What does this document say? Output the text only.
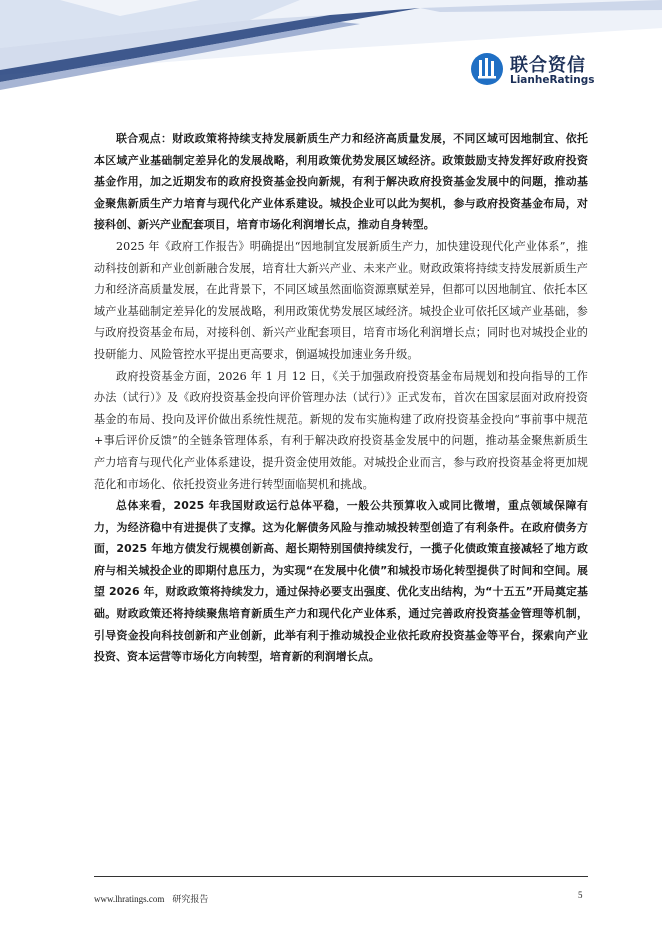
联合资信
LianheRatings

联合观点：财政政策将持续支持发展新质生产力和经济高质量发展，不同区域可因地制宜、依托本区域产业基础制定差异化的发展战略，利用政策优势发展区域经济。政策鼓励支持发挥好政府投资基金作用，加之近期发布的政府投资基金投向新规，有利于解决政府投资基金发展中的问题，推动基金聚焦新质生产力培育与现代化产业体系建设。城投企业可以此为契机，参与政府投资基金布局，对接科创、新兴产业配套项目，培育市场化利润增长点，推动自身转型。

2025 年《政府工作报告》明确提出“因地制宜发展新质生产力，加快建设现代化产业体系”，推动科技创新和产业创新融合发展，培育壮大新兴产业、未来产业。财政政策将持续支持发展新质生产力和经济高质量发展，在此背景下，不同区域虽然面临资源禀赋差异，但都可以因地制宜、依托本区域产业基础制定差异化的发展战略，利用政策优势发展区域经济。城投企业可依托区域产业基础，参与政府投资基金布局，对接科创、新兴产业配套项目，培育市场化利润增长点；同时也对城投企业的投研能力、风险管控水平提出更高要求，倒逼城投加速业务升级。

政府投资基金方面，2026 年 1 月 12 日，《关于加强政府投资基金布局规划和投向指导的工作办法（试行）》及《政府投资基金投向评价管理办法（试行）》正式发布，首次在国家层面对政府投资基金的布局、投向及评价做出系统性规范。新规的发布实施构建了政府投资基金投向“事前事中规范+事后评价反馈”的全链条管理体系，有利于解决政府投资基金发展中的问题，推动基金聚焦新质生产力培育与现代化产业体系建设，提升资金使用效能。对城投企业而言，参与政府投资基金将更加规范化和市场化、依托投资业务进行转型面临契机和挑战。

总体来看，2025 年我国财政运行总体平稳，一般公共预算收入或同比微增，重点领域保障有力，为经济稳中有进提供了支撑。这为化解债务风险与推动城投转型创造了有利条件。在政府债务方面，2025 年地方债发行规模创新高、超长期特别国债持续发行，一揽子化债政策直接减轻了地方政府与相关城投企业的即期付息压力，为实现“在发展中化债”和城投市场化转型提供了时间和空间。展望 2026 年，财政政策将持续发力，通过保持必要支出强度、优化支出结构，为“十五五”开局奠定基础。财政政策还将持续聚焦培育新质生产力和现代化产业体系，通过完善政府投资基金管理等机制，引导资金投向科技创新和产业创新，此举有利于推动城投企业依托政府投资基金等平台，探索向产业投资、资本运营等市场化方向转型，培育新的利润增长点。

www.lhratings.com 研究报告	5
